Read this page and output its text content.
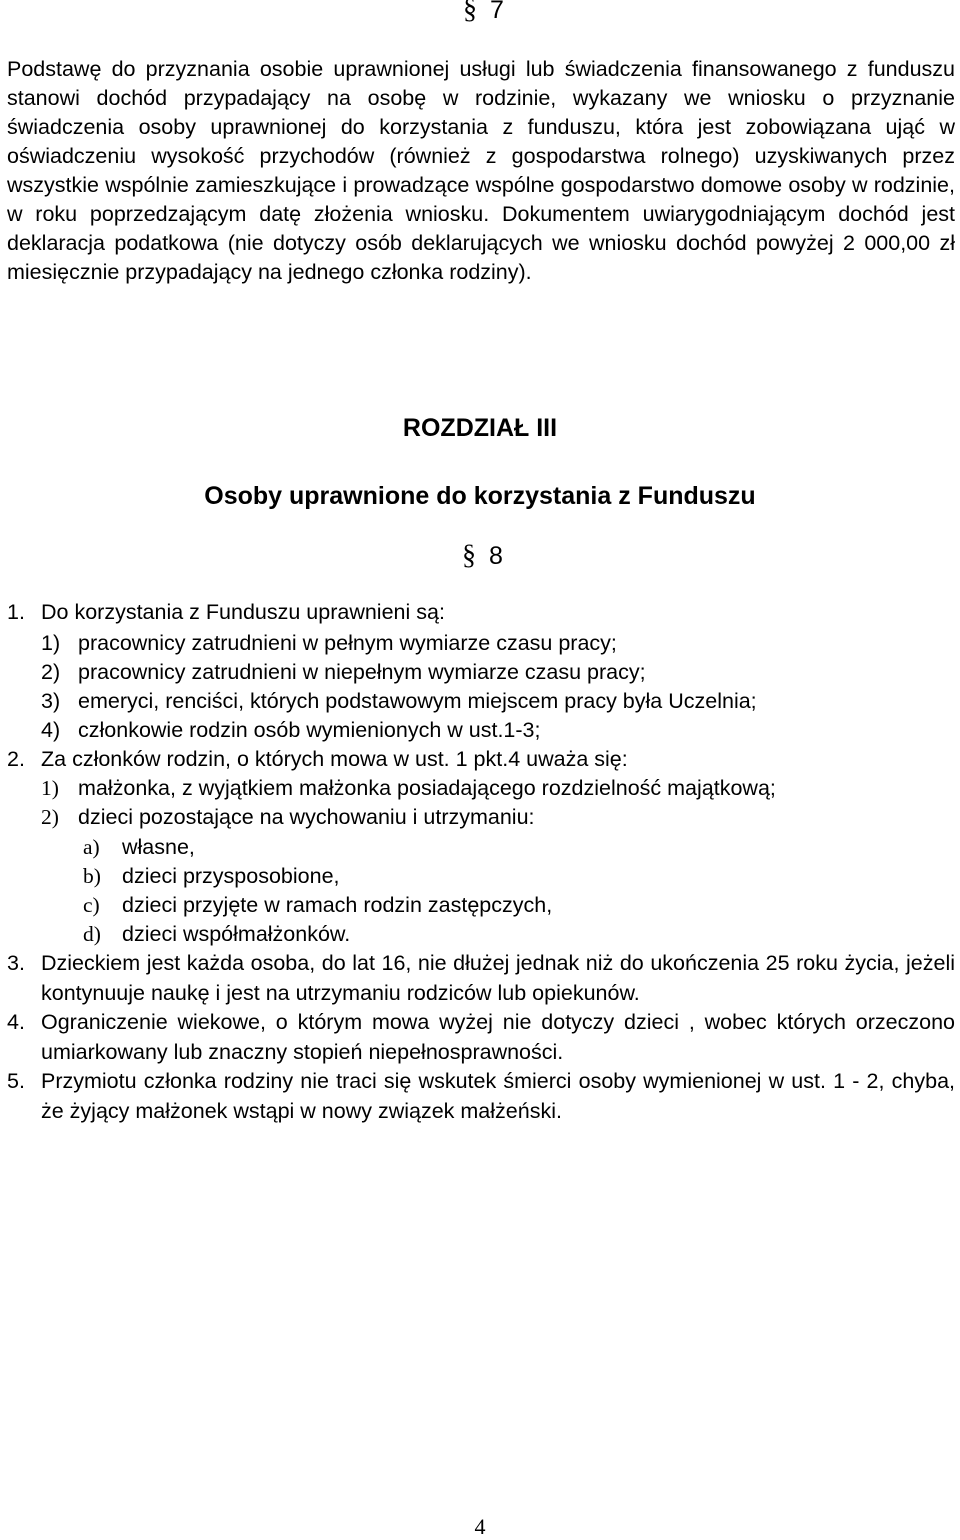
§ 7

Podstawę do przyznania osobie uprawnionej usługi lub świadczenia finansowanego z funduszu stanowi dochód przypadający na osobę w rodzinie, wykazany we wniosku o przyznanie świadczenia osoby uprawnionej do korzystania z funduszu, która jest zobowiązana ująć w oświadczeniu wysokość przychodów (również z gospodarstwa rolnego) uzyskiwanych przez wszystkie wspólnie zamieszkujące i prowadzące wspólne gospodarstwo domowe osoby w rodzinie, w roku poprzedzającym datę złożenia wniosku. Dokumentem uwiarygodniającym dochód jest deklaracja podatkowa (nie dotyczy osób deklarujących we wniosku dochód powyżej 2 000,00 zł miesięcznie przypadający na jednego członka rodziny).

ROZDZIAŁ III
Osoby uprawnione do korzystania z Funduszu
§ 8
1. Do korzystania z Funduszu uprawnieni są:
1) pracownicy zatrudnieni w pełnym wymiarze czasu pracy;
2) pracownicy zatrudnieni w niepełnym wymiarze czasu pracy;
3) emeryci, renciści, których podstawowym miejscem pracy była Uczelnia;
4) członkowie rodzin osób wymienionych w ust.1-3;
2. Za członków rodzin, o których mowa w ust. 1 pkt.4 uważa się:
1) małżonka, z wyjątkiem małżonka posiadającego rozdzielność majątkową;
2) dzieci pozostające na wychowaniu i utrzymaniu:
a) własne,
b) dzieci przysposobione,
c) dzieci przyjęte w ramach rodzin zastępczych,
d) dzieci współmałżonków.
3. Dzieckiem jest każda osoba, do lat 16, nie dłużej jednak niż do ukończenia 25 roku życia, jeżeli kontynuuje naukę i jest na utrzymaniu rodziców lub opiekunów.
4. Ograniczenie wiekowe, o którym mowa wyżej nie dotyczy dzieci , wobec których orzeczono umiarkowany lub znaczny stopień niepełnosprawności.
5. Przymiotu członka rodziny nie traci się wskutek śmierci osoby wymienionej w ust. 1 - 2, chyba, że żyjący małżonek wstąpi w nowy związek małżeński.
4
